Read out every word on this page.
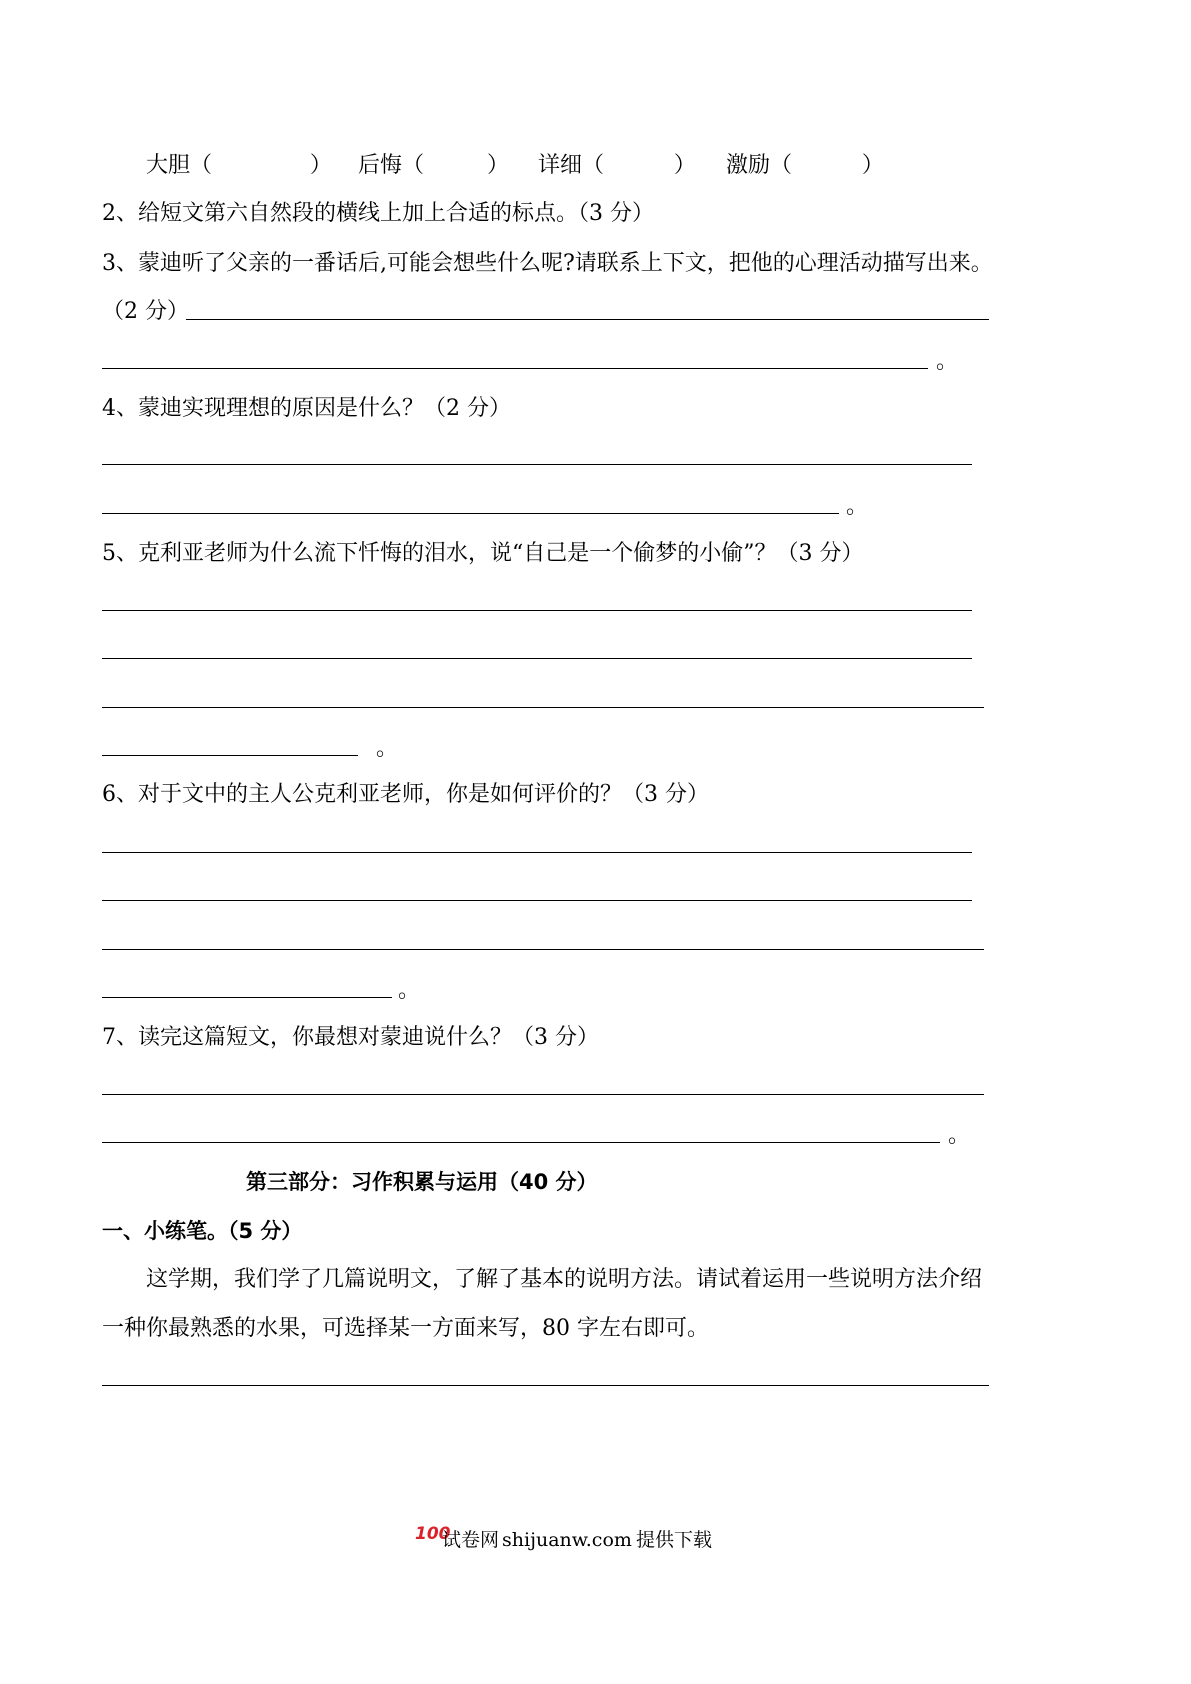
大胆（              ） 后悔（         ） 详细（          ） 激励（          ）
2、给短文第六自然段的横线上加上合适的标点。（3 分）
3、蒙迪听了父亲的一番话后,可能会想些什么呢?请联系上下文，把他的心理活动描写出来。
（2 分）
。
4、蒙迪实现理想的原因是什么？（2 分）
。
5、克利亚老师为什么流下忏悔的泪水，说“自己是一个偷梦的小偷”？（3 分）
。
6、对于文中的主人公克利亚老师，你是如何评价的？（3 分）
。
7、读完这篇短文，你最想对蒙迪说什么？（3 分）
。
第三部分：习作积累与运用（40 分）
一、小练笔。（5 分）
这学期，我们学了几篇说明文，了解了基本的说明方法。请试着运用一些说明方法介绍
一种你最熟悉的水果，可选择某一方面来写，80 字左右即可。
100
试卷网 shijuanw.com 提供下载
